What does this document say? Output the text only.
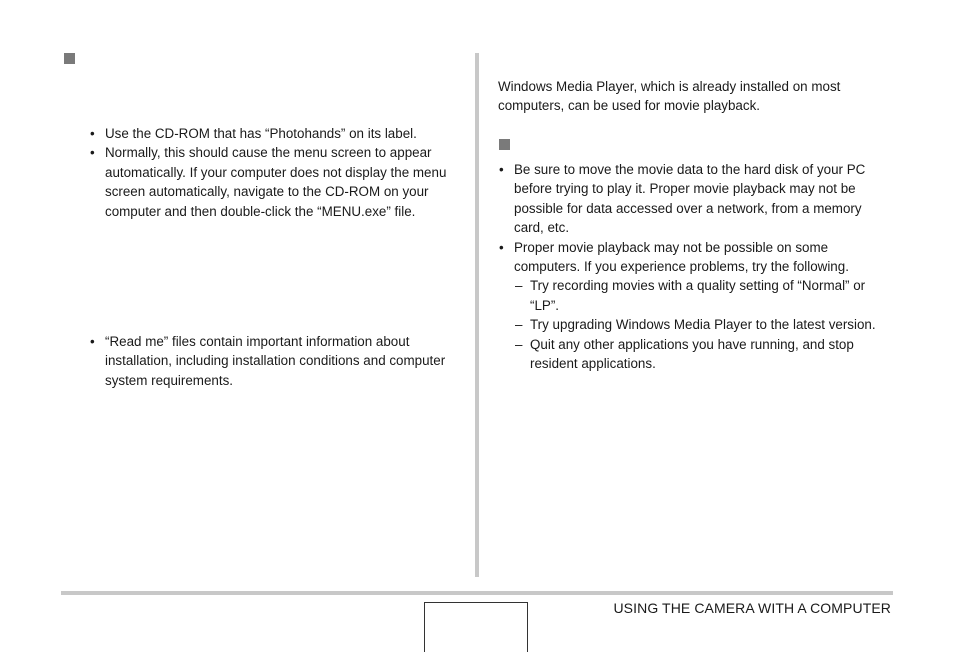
• Use the CD-ROM that has “Photohands” on its label.
• Normally, this should cause the menu screen to appear automatically. If your computer does not display the menu screen automatically, navigate to the CD-ROM on your computer and then double-click the “MENU.exe” file.
• “Read me” files contain important information about installation, including installation conditions and computer system requirements.

Windows Media Player, which is already installed on most computers, can be used for movie playback.

• Be sure to move the movie data to the hard disk of your PC before trying to play it. Proper movie playback may not be possible for data accessed over a network, from a memory card, etc.
• Proper movie playback may not be possible on some computers. If you experience problems, try the following.
– Try recording movies with a quality setting of “Normal” or “LP”.
– Try upgrading Windows Media Player to the latest version.
– Quit any other applications you have running, and stop resident applications.
USING THE CAMERA WITH A COMPUTER
